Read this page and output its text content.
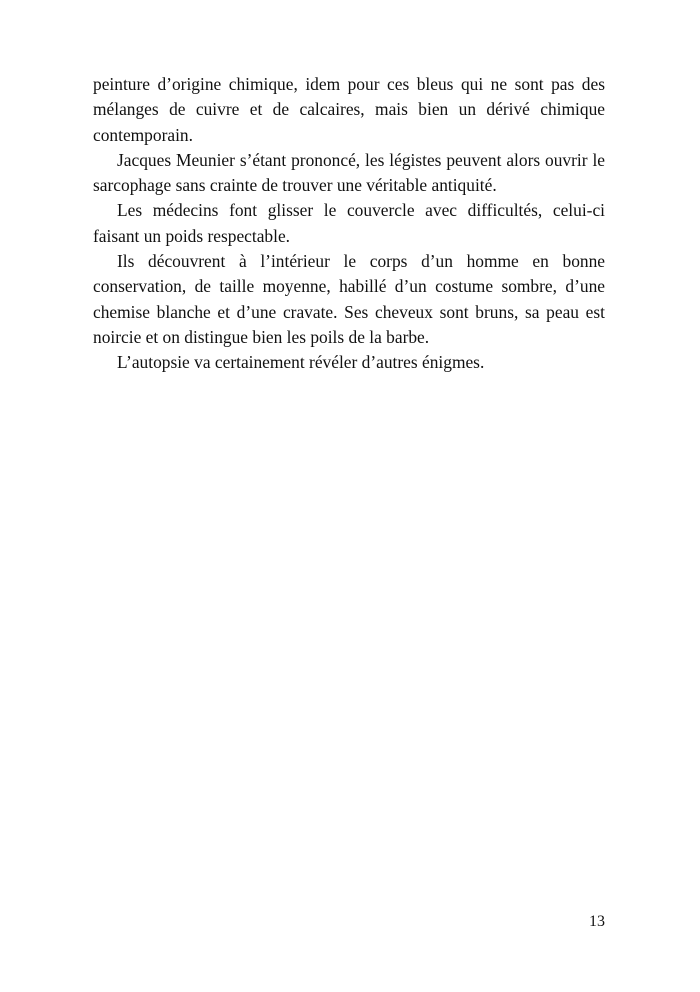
peinture d’origine chimique, idem pour ces bleus qui ne sont pas des mélanges de cuivre et de calcaires, mais bien un dérivé chimique contemporain.

Jacques Meunier s’étant prononcé, les légistes peuvent alors ouvrir le sarcophage sans crainte de trouver une véritable antiquité.

Les médecins font glisser le couvercle avec difficultés, celui-ci faisant un poids respectable.

Ils découvrent à l’intérieur le corps d’un homme en bonne conservation, de taille moyenne, habillé d’un costume sombre, d’une chemise blanche et d’une cravate. Ses cheveux sont bruns, sa peau est noircie et on distingue bien les poils de la barbe.

L’autopsie va certainement révéler d’autres énigmes.

13
